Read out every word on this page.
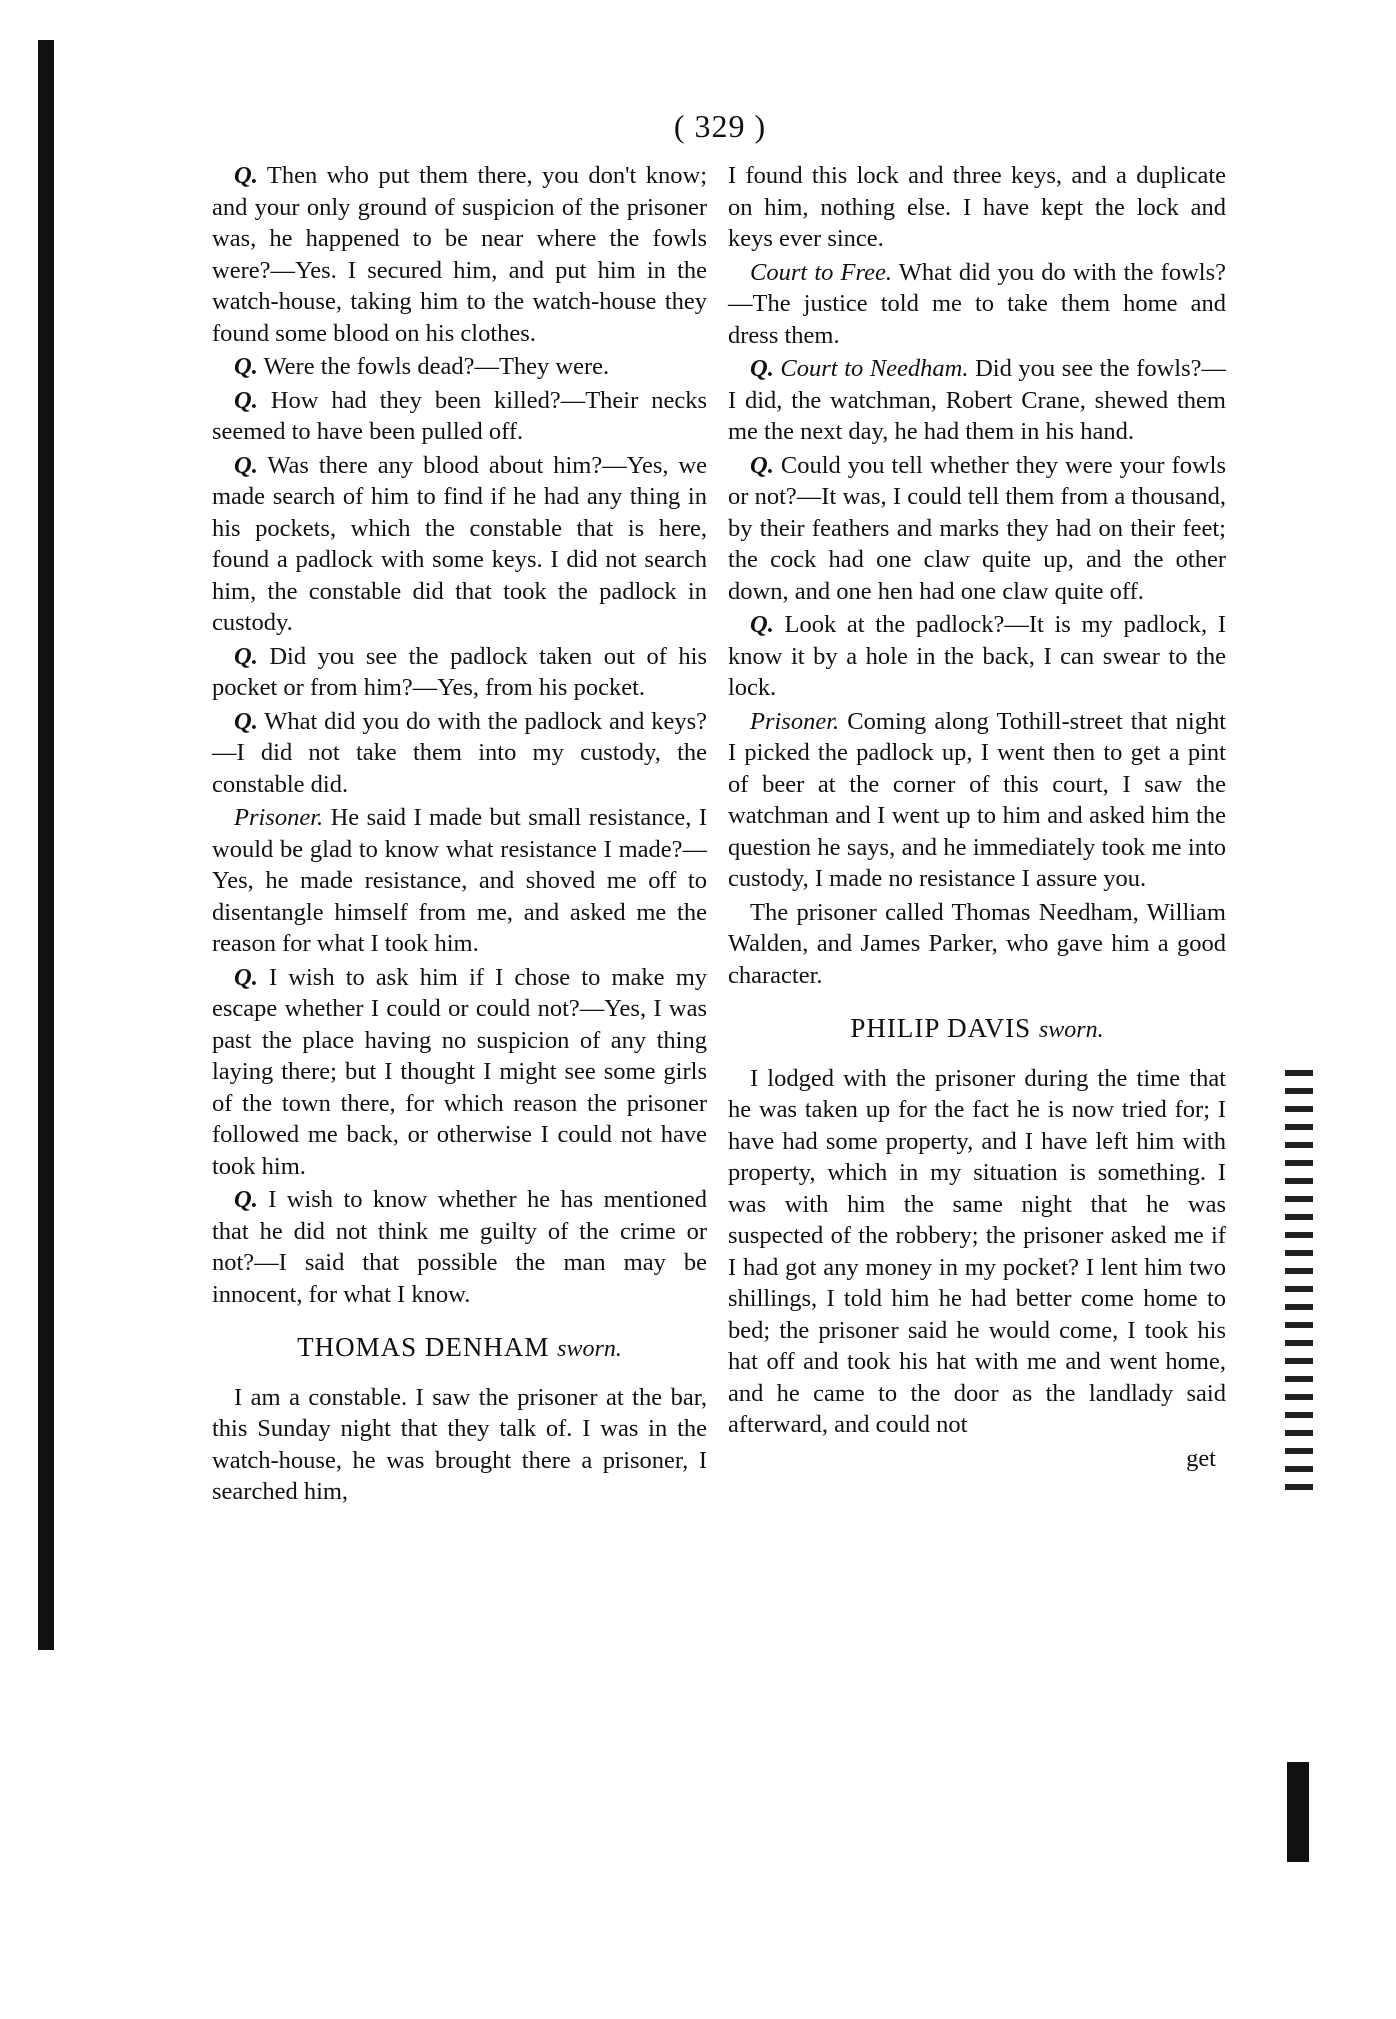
( 329 )

Q. Then who put them there, you don't know; and your only ground of suspicion of the prisoner was, he happened to be near where the fowls were?—Yes. I secured him, and put him in the watch-house, taking him to the watch-house they found some blood on his clothes.

Q. Were the fowls dead?—They were.

Q. How had they been killed?—Their necks seemed to have been pulled off.

Q. Was there any blood about him?—Yes, we made search of him to find if he had any thing in his pockets, which the constable that is here, found a padlock with some keys. I did not search him, the constable did that took the padlock in custody.

Q. Did you see the padlock taken out of his pocket or from him?—Yes, from his pocket.

Q. What did you do with the padlock and keys?—I did not take them into my custody, the constable did.

Prisoner. He said I made but small resistance, I would be glad to know what resistance I made?—Yes, he made resistance, and shoved me off to disentangle himself from me, and asked me the reason for what I took him.

Q. I wish to ask him if I chose to make my escape whether I could or could not?—Yes, I was past the place having no suspicion of any thing laying there; but I thought I might see some girls of the town there, for which reason the prisoner followed me back, or otherwise I could not have took him.

Q. I wish to know whether he has mentioned that he did not think me guilty of the crime or not?—I said that possible the man may be innocent, for what I know.

THOMAS DENHAM sworn.

I am a constable. I saw the prisoner at the bar, this Sunday night that they talk of. I was in the watch-house, he was brought there a prisoner, I searched him,

I found this lock and three keys, and a duplicate on him, nothing else. I have kept the lock and keys ever since.

Court to Free. What did you do with the fowls?—The justice told me to take them home and dress them.

Q. Court to Needham. Did you see the fowls?—I did, the watchman, Robert Crane, shewed them me the next day, he had them in his hand.

Q. Could you tell whether they were your fowls or not?—It was, I could tell them from a thousand, by their feathers and marks they had on their feet; the cock had one claw quite up, and the other down, and one hen had one claw quite off.

Q. Look at the padlock?—It is my padlock, I know it by a hole in the back, I can swear to the lock.

Prisoner. Coming along Tothill-street that night I picked the padlock up, I went then to get a pint of beer at the corner of this court, I saw the watchman and I went up to him and asked him the question he says, and he immediately took me into custody, I made no resistance I assure you.

The prisoner called Thomas Needham, William Walden, and James Parker, who gave him a good character.

PHILIP DAVIS sworn.

I lodged with the prisoner during the time that he was taken up for the fact he is now tried for; I have had some property, and I have left him with property, which in my situation is something. I was with him the same night that he was suspected of the robbery; the prisoner asked me if I had got any money in my pocket? I lent him two shillings, I told him he had better come home to bed; the prisoner said he would come, I took his hat off and took his hat with me and went home, and he came to the door as the landlady said afterward, and could not

get
